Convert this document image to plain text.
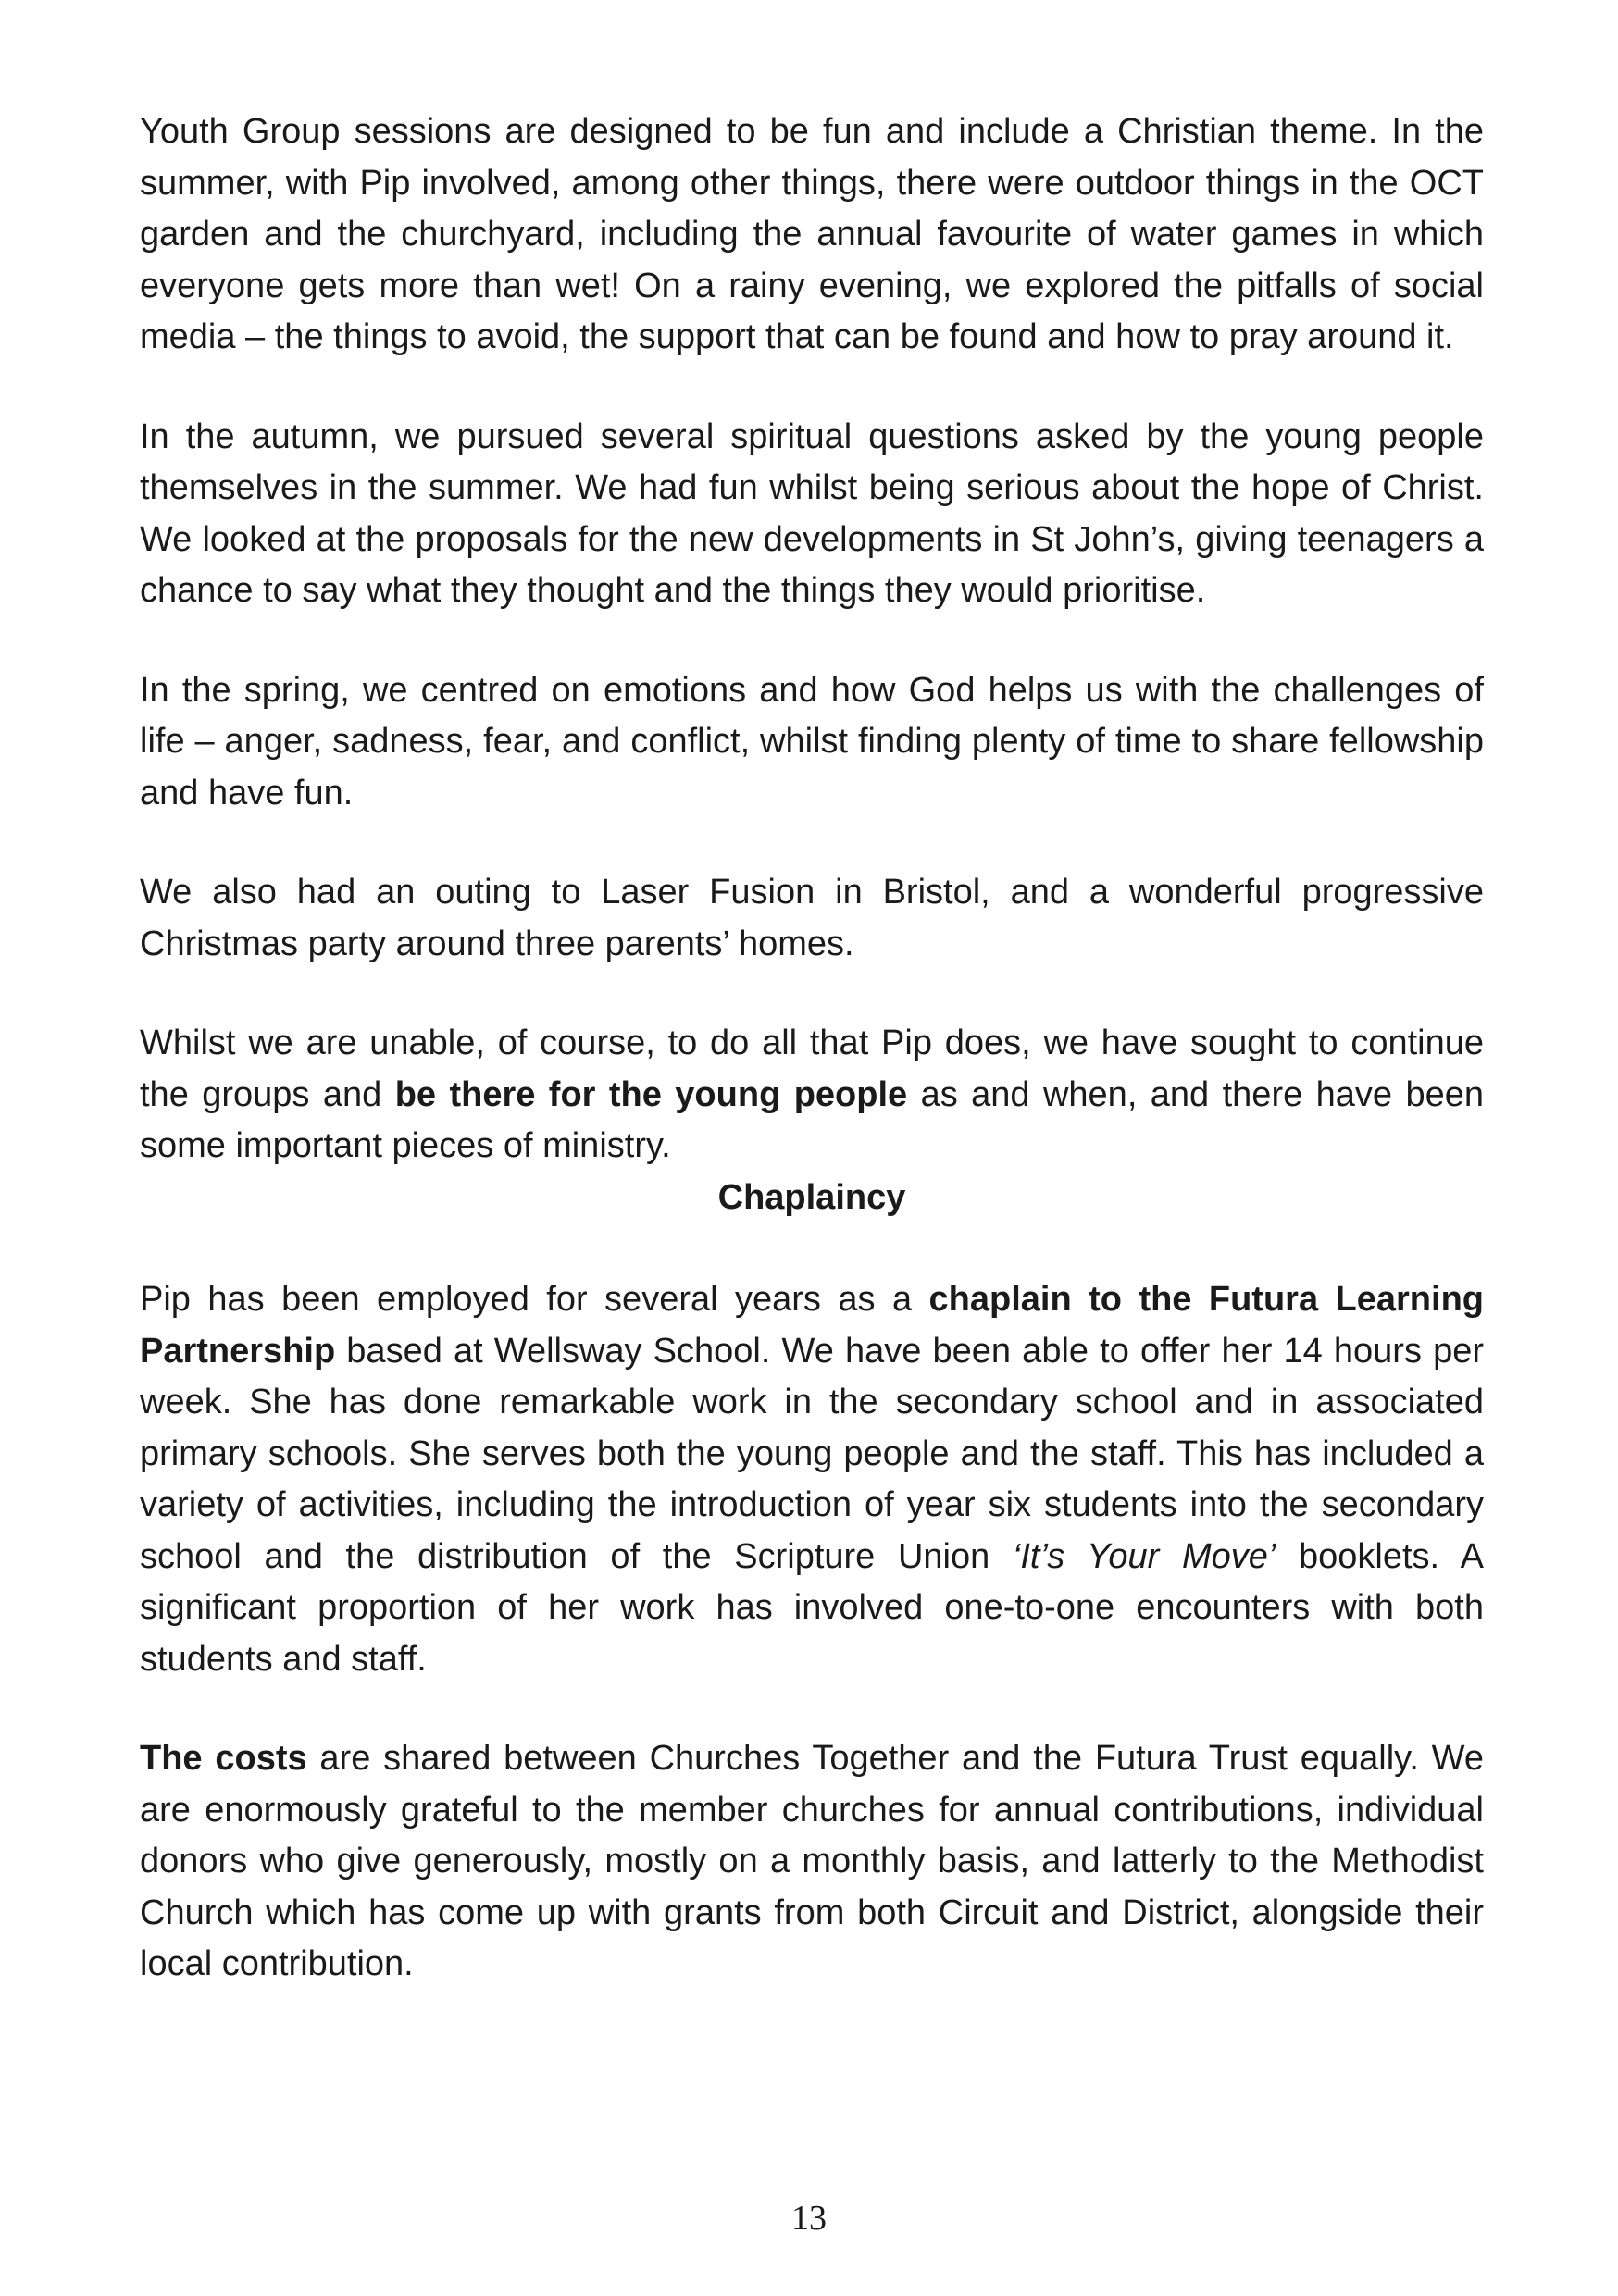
Youth Group sessions are designed to be fun and include a Christian theme. In the summer, with Pip involved, among other things, there were outdoor things in the OCT garden and the churchyard, including the annual favourite of water games in which everyone gets more than wet! On a rainy evening, we explored the pitfalls of social media – the things to avoid, the support that can be found and how to pray around it.

In the autumn, we pursued several spiritual questions asked by the young people themselves in the summer. We had fun whilst being serious about the hope of Christ. We looked at the proposals for the new developments in St John’s, giving teenagers a chance to say what they thought and the things they would prioritise.

In the spring, we centred on emotions and how God helps us with the challenges of life – anger, sadness, fear, and conflict, whilst finding plenty of time to share fellowship and have fun.

We also had an outing to Laser Fusion in Bristol, and a wonderful progressive Christmas party around three parents’ homes.

Whilst we are unable, of course, to do all that Pip does, we have sought to continue the groups and be there for the young people as and when, and there have been some important pieces of ministry.

Chaplaincy

Pip has been employed for several years as a chaplain to the Futura Learning Partnership based at Wellsway School. We have been able to offer her 14 hours per week. She has done remarkable work in the secondary school and in associated primary schools. She serves both the young people and the staff. This has included a variety of activities, including the introduction of year six students into the secondary school and the distribution of the Scripture Union ‘It’s Your Move’ booklets. A significant proportion of her work has involved one-to-one encounters with both students and staff.

The costs are shared between Churches Together and the Futura Trust equally. We are enormously grateful to the member churches for annual contributions, individual donors who give generously, mostly on a monthly basis, and latterly to the Methodist Church which has come up with grants from both Circuit and District, alongside their local contribution.

13
